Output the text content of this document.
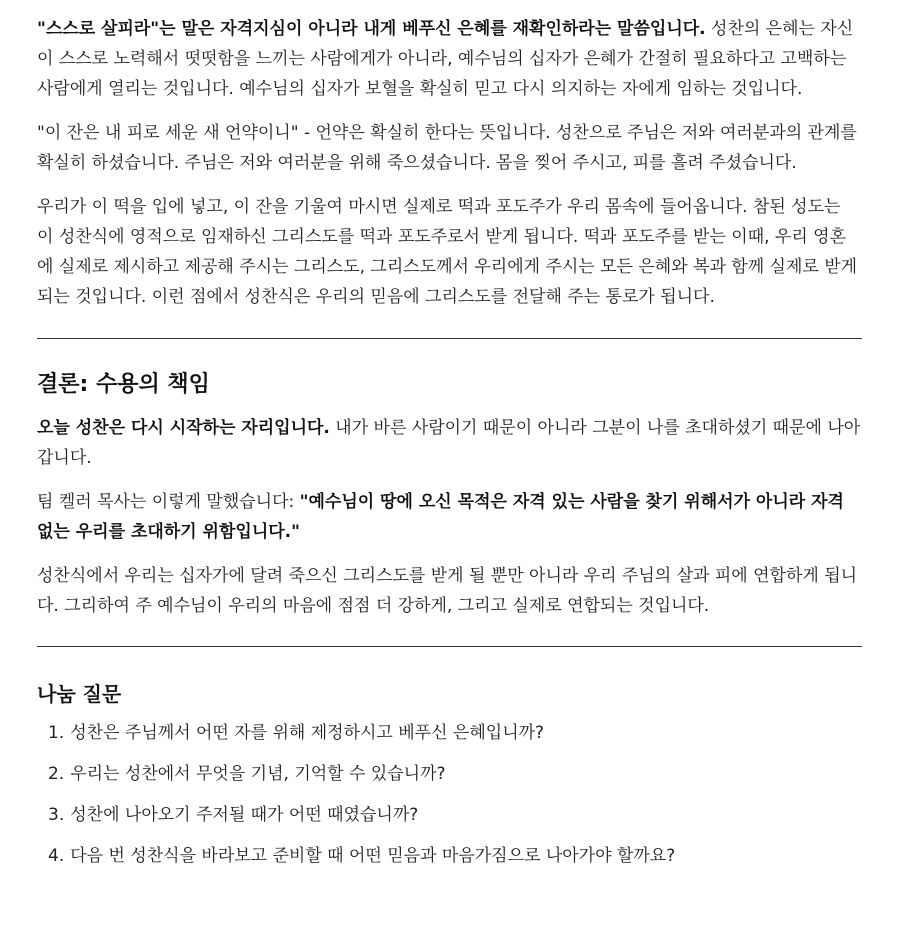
"스스로 살피라"는 말은 자격지심이 아니라 내게 베푸신 은혜를 재확인하라는 말씀입니다. 성찬의 은혜는 자신이 스스로 노력해서 떳떳함을 느끼는 사람에게가 아니라, 예수님의 십자가 은혜가 간절히 필요하다고 고백하는 사람에게 열리는 것입니다. 예수님의 십자가 보혈을 확실히 믿고 다시 의지하는 자에게 임하는 것입니다.

"이 잔은 내 피로 세운 새 언약이니" - 언약은 확실히 한다는 뜻입니다. 성찬으로 주님은 저와 여러분과의 관계를 확실히 하셨습니다. 주님은 저와 여러분을 위해 죽으셨습니다. 몸을 찢어 주시고, 피를 흘려 주셨습니다.

우리가 이 떡을 입에 넣고, 이 잔을 기울여 마시면 실제로 떡과 포도주가 우리 몸속에 들어옵니다. 참된 성도는 이 성찬식에 영적으로 임재하신 그리스도를 떡과 포도주로서 받게 됩니다. 떡과 포도주를 받는 이때, 우리 영혼에 실제로 제시하고 제공해 주시는 그리스도, 그리스도께서 우리에게 주시는 모든 은혜와 복과 함께 실제로 받게 되는 것입니다. 이런 점에서 성찬식은 우리의 믿음에 그리스도를 전달해 주는 통로가 됩니다.

결론: 수용의 책임

오늘 성찬은 다시 시작하는 자리입니다. 내가 바른 사람이기 때문이 아니라 그분이 나를 초대하셨기 때문에 나아갑니다.

팀 켈러 목사는 이렇게 말했습니다: "예수님이 땅에 오신 목적은 자격 있는 사람을 찾기 위해서가 아니라 자격 없는 우리를 초대하기 위함입니다."

성찬식에서 우리는 십자가에 달려 죽으신 그리스도를 받게 될 뿐만 아니라 우리 주님의 살과 피에 연합하게 됩니다. 그리하여 주 예수님이 우리의 마음에 점점 더 강하게, 그리고 실제로 연합되는 것입니다.

나눔 질문
1. 성찬은 주님께서 어떤 자를 위해 제정하시고 베푸신 은혜입니까?
2. 우리는 성찬에서 무엇을 기념, 기억할 수 있습니까?
3. 성찬에 나아오기 주저될 때가 어떤 때였습니까?
4. 다음 번 성찬식을 바라보고 준비할 때 어떤 믿음과 마음가짐으로 나아가야 할까요?
